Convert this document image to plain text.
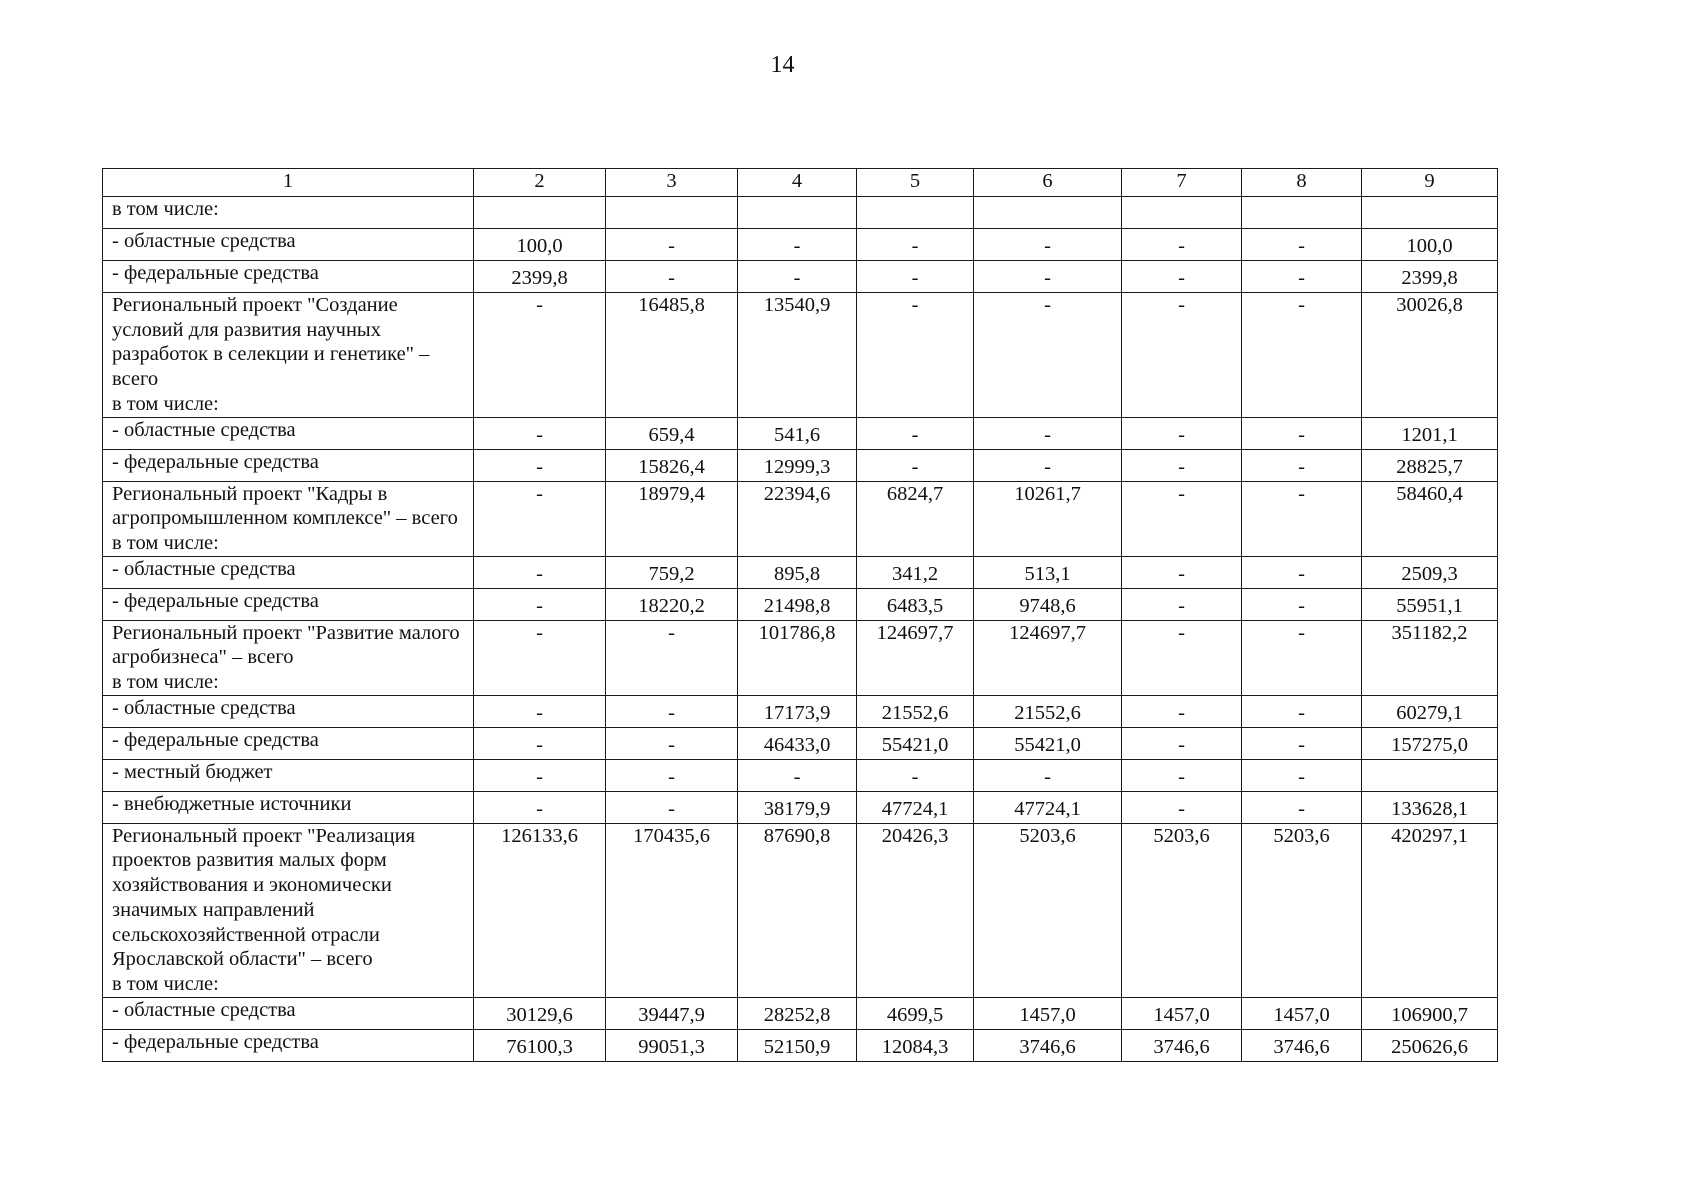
14
1	2	3	4	5	6	7	8	9
в том числе:								
- областные средства	100,0	-	-	-	-	-	-	100,0
- федеральные средства	2399,8	-	-	-	-	-	-	2399,8
Региональный проект "Создание условий для развития научных разработок в селекции и генетике" – всего
в том числе:	-	16485,8	13540,9	-	-	-	-	30026,8
- областные средства	-	659,4	541,6	-	-	-	-	1201,1
- федеральные средства	-	15826,4	12999,3	-	-	-	-	28825,7
Региональный проект "Кадры в агропромышленном комплексе" – всего
в том числе:	-	18979,4	22394,6	6824,7	10261,7	-	-	58460,4
- областные средства	-	759,2	895,8	341,2	513,1	-	-	2509,3
- федеральные средства	-	18220,2	21498,8	6483,5	9748,6	-	-	55951,1
Региональный проект "Развитие малого агробизнеса" – всего
в том числе:	-	-	101786,8	124697,7	124697,7	-	-	351182,2
- областные средства	-	-	17173,9	21552,6	21552,6	-	-	60279,1
- федеральные средства	-	-	46433,0	55421,0	55421,0	-	-	157275,0
- местный бюджет	-	-	-	-	-	-	-	
- внебюджетные источники	-	-	38179,9	47724,1	47724,1	-	-	133628,1
Региональный проект "Реализация проектов развития малых форм хозяйствования и экономически значимых направлений сельскохозяйственной отрасли Ярославской области" – всего
в том числе:	126133,6	170435,6	87690,8	20426,3	5203,6	5203,6	5203,6	420297,1
- областные средства	30129,6	39447,9	28252,8	4699,5	1457,0	1457,0	1457,0	106900,7
- федеральные средства	76100,3	99051,3	52150,9	12084,3	3746,6	3746,6	3746,6	250626,6
